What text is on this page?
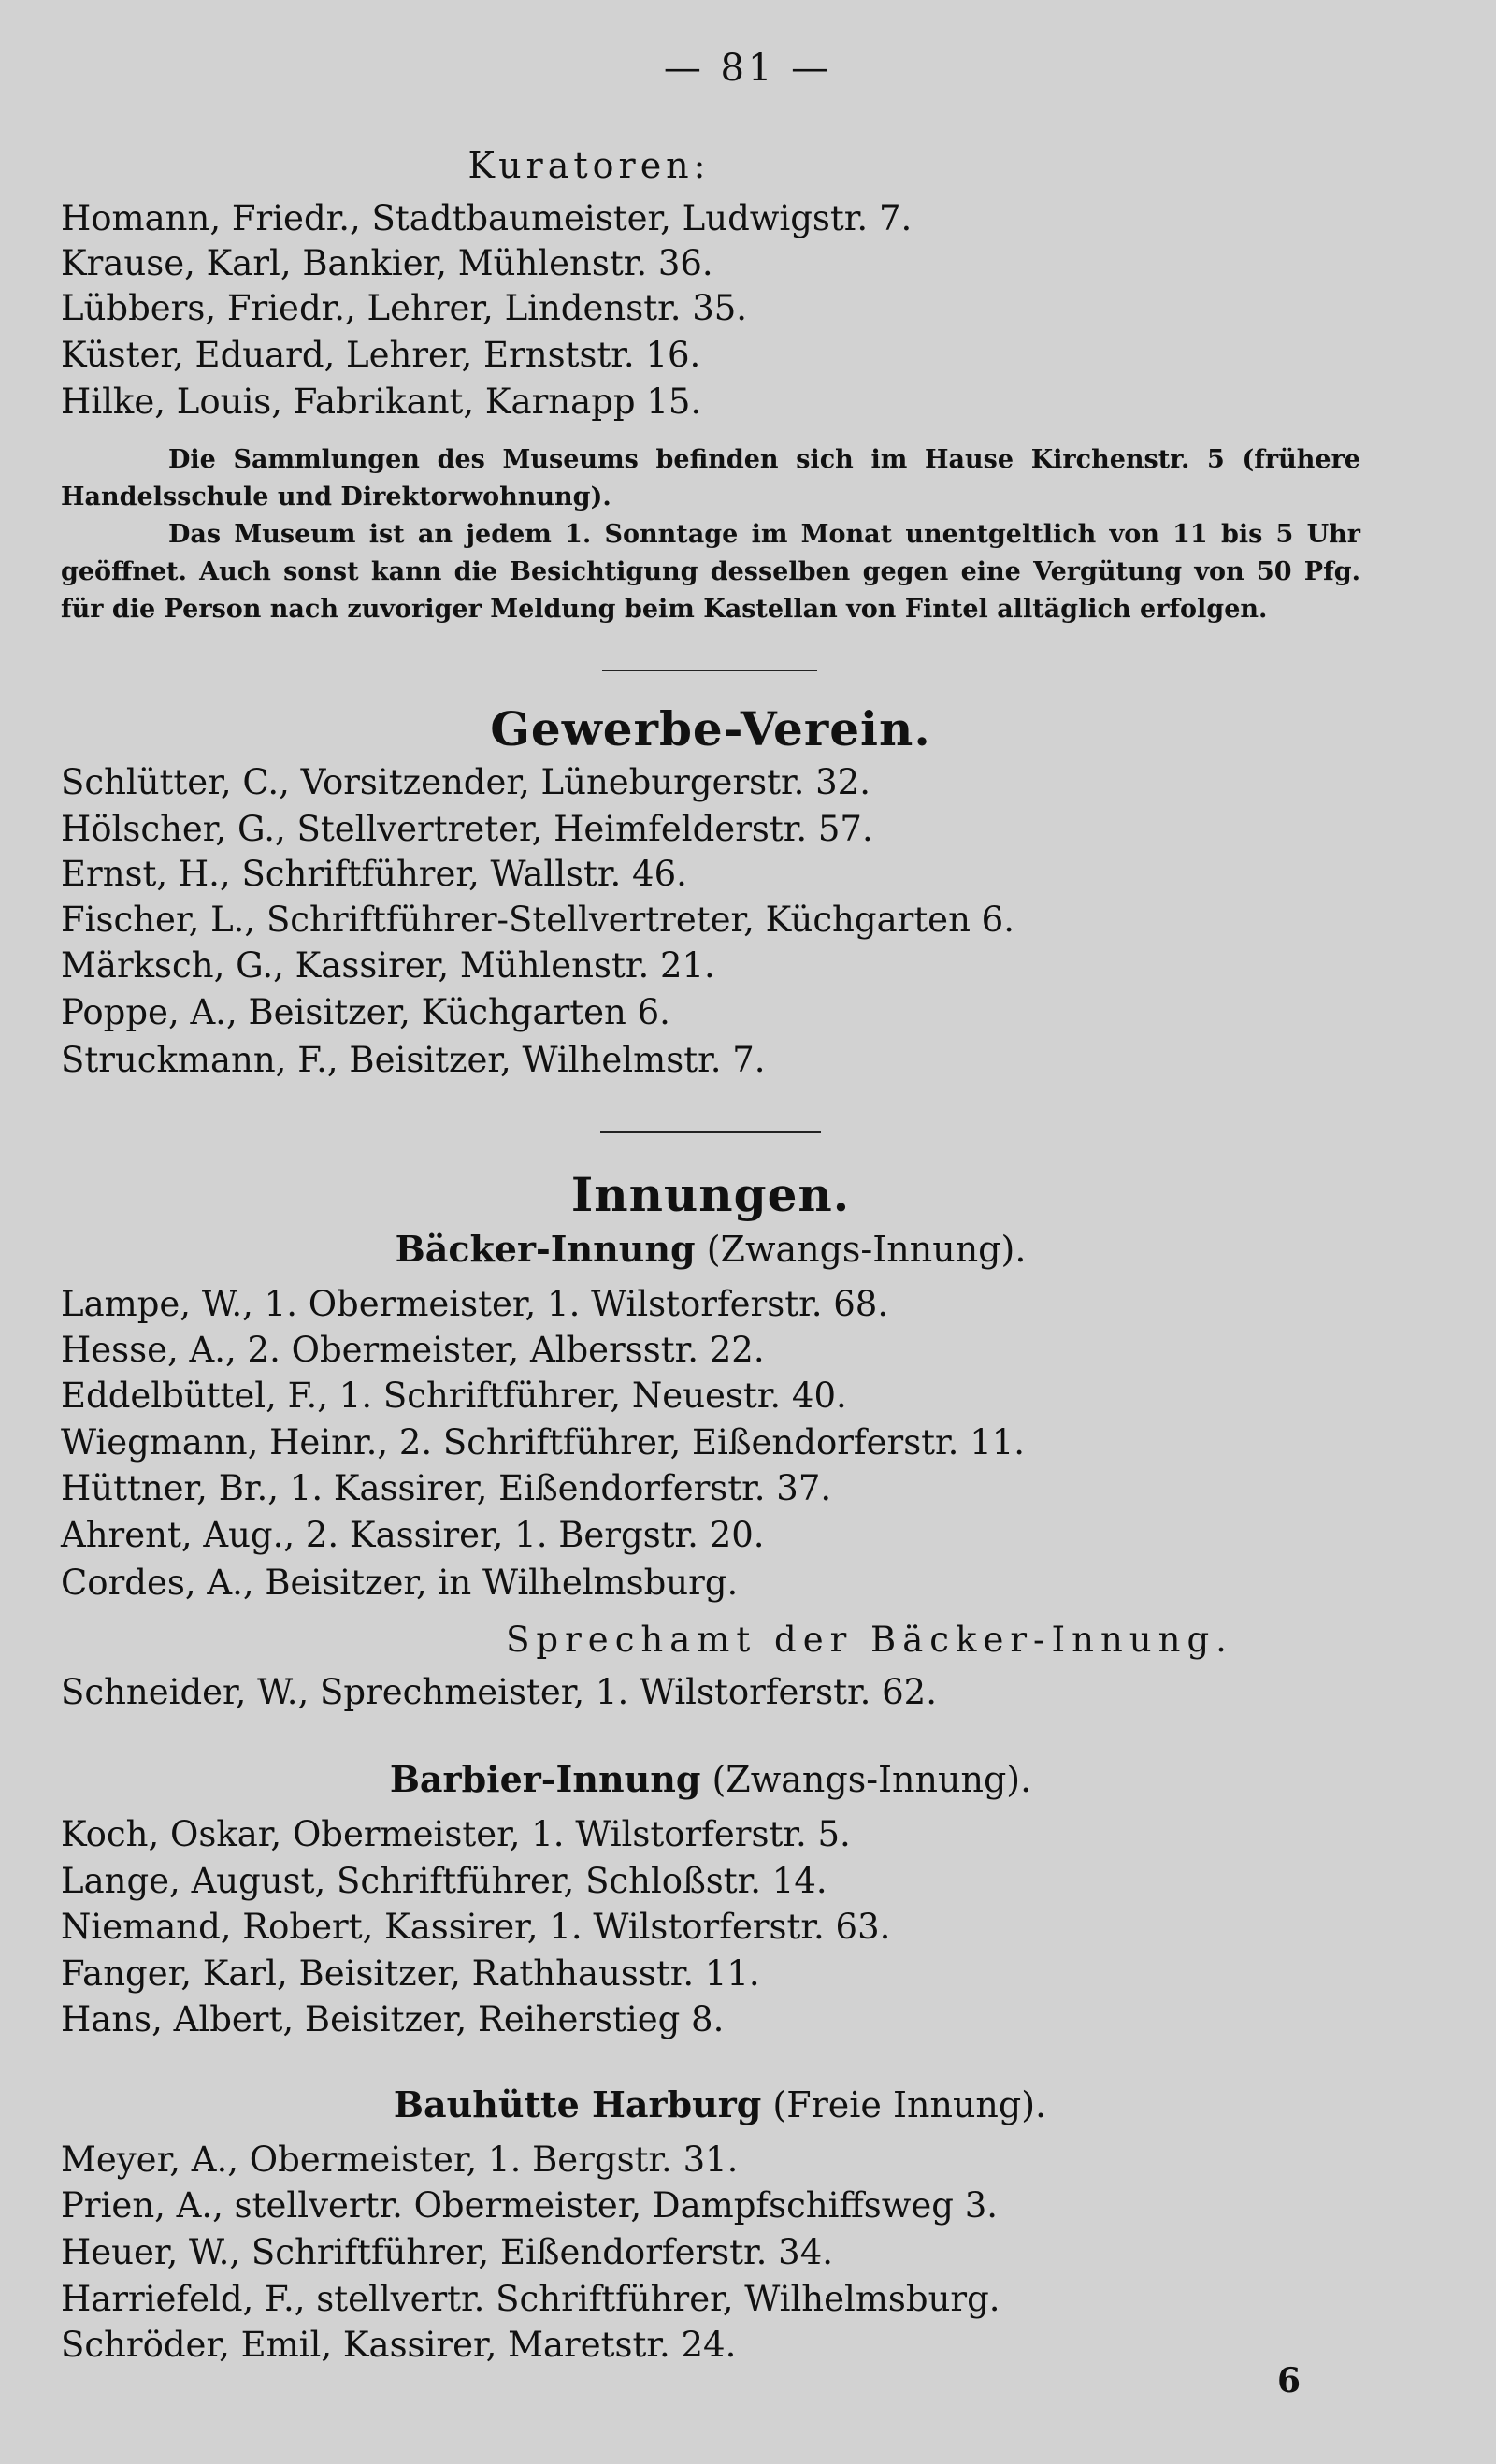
— 81 —
Kuratoren:
Homann, Friedr., Stadtbaumeister, Ludwigstr. 7.
Krause, Karl, Bankier, Mühlenstr. 36.
Lübbers, Friedr., Lehrer, Lindenstr. 35.
Küster, Eduard, Lehrer, Ernststr. 16.
Hilke, Louis, Fabrikant, Karnapp 15.

Die Sammlungen des Museums befinden sich im Hause Kirchenstr. 5 (frühere Handelsschule und Direktorwohnung).

Das Museum ist an jedem 1. Sonntage im Monat unentgeltlich von 11 bis 5 Uhr geöffnet. Auch sonst kann die Besichtigung desselben gegen eine Vergütung von 50 Pfg. für die Person nach zuvoriger Meldung beim Kastellan von Fintel alltäglich erfolgen.

Gewerbe-Verein.
Schlütter, C., Vorsitzender, Lüneburgerstr. 32.
Hölscher, G., Stellvertreter, Heimfelderstr. 57.
Ernst, H., Schriftführer, Wallstr. 46.
Fischer, L., Schriftführer-Stellvertreter, Küchgarten 6.
Märksch, G., Kassirer, Mühlenstr. 21.
Poppe, A., Beisitzer, Küchgarten 6.
Struckmann, F., Beisitzer, Wilhelmstr. 7.
Innungen.
Bäcker-Innung (Zwangs-Innung).
Lampe, W., 1. Obermeister, 1. Wilstorferstr. 68.
Hesse, A., 2. Obermeister, Albersstr. 22.
Eddelbüttel, F., 1. Schriftführer, Neuestr. 40.
Wiegmann, Heinr., 2. Schriftführer, Eißendorferstr. 11.
Hüttner, Br., 1. Kassirer, Eißendorferstr. 37.
Ahrent, Aug., 2. Kassirer, 1. Bergstr. 20.
Cordes, A., Beisitzer, in Wilhelmsburg.
Sprechamt der Bäcker-Innung.
Schneider, W., Sprechmeister, 1. Wilstorferstr. 62.
Barbier-Innung (Zwangs-Innung).
Koch, Oskar, Obermeister, 1. Wilstorferstr. 5.
Lange, August, Schriftführer, Schloßstr. 14.
Niemand, Robert, Kassirer, 1. Wilstorferstr. 63.
Fanger, Karl, Beisitzer, Rathhausstr. 11.
Hans, Albert, Beisitzer, Reiherstieg 8.
Bauhütte Harburg (Freie Innung).
Meyer, A., Obermeister, 1. Bergstr. 31.
Prien, A., stellvertr. Obermeister, Dampfschiffsweg 3.
Heuer, W., Schriftführer, Eißendorferstr. 34.
Harriefeld, F., stellvertr. Schriftführer, Wilhelmsburg.
Schröder, Emil, Kassirer, Maretstr. 24.
6
